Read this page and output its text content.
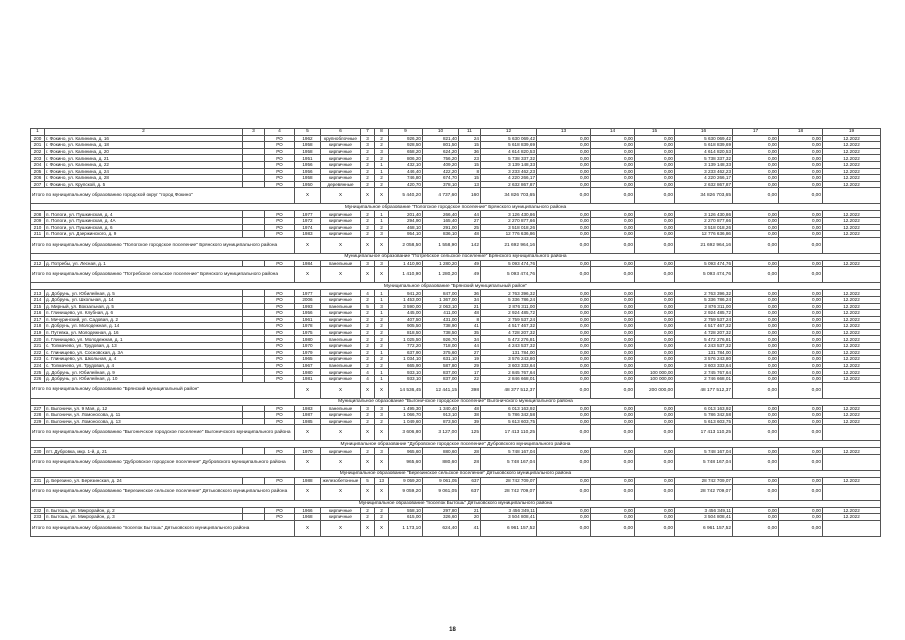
1	2	3	4	5	6	7	8	9	10	11	12	13	14	15	16	17	18	19
200	г. Фокино, ул. Калинина, д. 16		РО	1962	крупноблочные	3	2	926,20	821,40	24	5 630 069,42	0,00	0,00	0,00	5 630 069,42	0,00	0,00	12.2022
201	г. Фокино, ул. Калинина, д. 18		РО	1958	кирпичные	3	2	928,50	801,50	15	5 618 839,69	0,00	0,00	0,00	5 618 839,69	0,00	0,00	12.2022
202	г. Фокино, ул. Калинина, д. 20		РО	1958	кирпичные	2	3	658,20	624,20	36	4 614 820,53	0,00	0,00	0,00	4 614 820,53	0,00	0,00	12.2022
203	г. Фокино, ул. Калинина, д. 21		РО	1951	кирпичные	2	2	806,20	756,20	23	5 738 337,32	0,00	0,00	0,00	5 738 337,32	0,00	0,00	12.2022
204	г. Фокино, ул. Калинина, д. 22		РО	1956	кирпичные	2	1	432,10	409,20	15	3 139 148,33	0,00	0,00	0,00	3 139 148,33	0,00	0,00	12.2022
205	г. Фокино, ул. Калинина, д. 24		РО	1956	кирпичные	2	1	446,40	422,20	8	3 233 462,23	0,00	0,00	0,00	3 233 462,23	0,00	0,00	12.2022
206	г. Фокино, ул. Калинина, д. 28		РО	1958	кирпичные	2	2	746,80	674,70	15	4 220 266,17	0,00	0,00	0,00	4 220 266,17	0,00	0,00	12.2022
207	г. Фокино, ул. Крупской, д. 5		РО	1950	деревянные	2	2	420,70	378,10	13	2 632 867,87	0,00	0,00	0,00	2 632 867,87	0,00	0,00	12.2022
Итого по муниципальному образованию городской округ "город Фокино"				X	X	X	X	5 440,20	4 737,60	160	34 826 703,65	0,00	0,00	0,00	34 826 703,65	0,00	0,00	
Муниципальное образование "Пологское городское поселение" Брянского муниципального района																		
208	п. Пологи, ул. Пушкинская, д. 4		РО	1977	кирпичные	2	1	201,40	266,40	44	3 126 430,86	0,00	0,00	0,00	3 126 430,86	0,00	0,00	12.2022
209	п. Пологи, ул. Пушкинская, д. 4А		РО	1972	кирпичные	2	1	294,90	165,40	27	2 270 877,66	0,00	0,00	0,00	2 270 877,66	0,00	0,00	12.2022
210	п. Пологи, ул. Пушкинская, д. 6		РО	1974	кирпичные	2	2	468,10	291,00	25	3 518 018,26	0,00	0,00	0,00	3 518 018,26	0,00	0,00	12.2022
211	п. Пологи, ул. Дзержинского, д. 9		РО	1983	кирпичные	2	3	954,10	836,10	48	12 776 636,86	0,00	0,00	0,00	12 776 636,86	0,00	0,00	12.2022
Итого по муниципальному образованию "Пологское городское поселение" Брянского муниципального района				X	X	X	X	2 058,50	1 558,90	142	21 692 964,16	0,00	0,00	0,00	21 692 964,16	0,00	0,00	
Муниципальное образование "Потребское сельское поселение" Брянского муниципального района																		
212	д. Потребы, ул. Лесная, д. 1		РО	1984	панельные	3	3	1 410,90	1 280,20	49	5 093 474,76	0,00	0,00	0,00	5 093 474,76	0,00	0,00	12.2022
Итого по муниципальному образованию "Потребское сельское поселение" Брянского муниципального района				X	X	X	X	1 410,90	1 280,20	49	5 093 474,76	0,00	0,00	0,00	5 093 474,76	0,00	0,00	
Муниципальное образование "Брянский муниципальный район"																		
213	д. Добрунь, ул. Юбилейная, д. 5		РО	1977	кирпичные	4	1	941,20	847,00	36	2 763 396,32	0,00	0,00	0,00	2 763 396,32	0,00	0,00	12.2022
214	д. Добрунь, ул. Школьная, д. 14		РО	2006	кирпичные	2	1	1 453,00	1 367,00	34	5 336 786,24	0,00	0,00	0,00	5 336 786,24	0,00	0,00	12.2022
215	д. Мирный, ул. Вокзальная, д. 5		РО	1993	панельные	5	3	3 590,00	2 063,10	21	2 876 311,00	0,00	0,00	0,00	2 876 311,00	0,00	0,00	12.2022
216	п. Глинищево, ул. Клубная, д. 6		РО	1956	кирпичные	2	1	445,00	411,00	48	2 924 485,72	0,00	0,00	0,00	2 924 485,72	0,00	0,00	12.2022
217	п. Мичуринский, ул. Садовая, д. 2		РО	1961	кирпичные	2	2	407,50	431,00	8	2 759 537,24	0,00	0,00	0,00	2 759 537,24	0,00	0,00	12.2022
218	п. Добрунь, ул. Молодежная, д. 14		РО	1978	кирпичные	2	2	905,50	738,90	41	4 517 467,32	0,00	0,00	0,00	4 517 467,32	0,00	0,00	12.2022
219	п. Путевка, ул. Молодежная, д. 16		РО	1975	кирпичные	2	2	818,50	738,50	35	4 728 207,32	0,00	0,00	0,00	4 728 207,32	0,00	0,00	12.2022
220	п. Глинищево, ул. Молодежная, д. 1		РО	1980	панельные	2	2	1 025,50	926,70	34	5 472 276,81	0,00	0,00	0,00	5 472 276,81	0,00	0,00	12.2022
221	с. Толмачево, ул. Трудовая, д. 13		РО	1970	кирпичные	2	2	772,20	718,00	44	4 243 537,32	0,00	0,00	0,00	4 243 537,32	0,00	0,00	12.2022
222	с. Глинищево, ул. Сосновская, д. 3А		РО	1979	кирпичные	2	1	637,90	375,60	27	131 784,00	0,00	0,00	0,00	131 784,00	0,00	0,00	12.2022
223	с. Глинищево, ул. Школьная, д. 4		РО	1965	кирпичные	2	2	1 034,10	631,10	19	3 576 243,80	0,00	0,00	0,00	3 576 243,80	0,00	0,00	12.2022
224	с. Толмачево, ул. Трудовая, д. 4		РО	1967	панельные	2	2	665,90	587,80	29	3 603 333,64	0,00	0,00	0,00	3 603 333,64	0,00	0,00	12.2022
225	д. Добрунь, ул. Юбилейная, д. 9		РО	1980	кирпичные	4	1	933,10	837,00	17	2 845 767,64	0,00	0,00	100 000,00	2 745 767,64	0,00	0,00	12.2022
226	д. Добрунь, ул. Юбилейная, д. 10		РО	1981	кирпичные	4	1	933,10	837,00	22	2 846 668,01	0,00	0,00	100 000,00	2 746 668,01	0,00	0,00	12.2022
Итого по муниципальному образованию "Брянский муниципальный район"				X	X	X	X	14 536,45	12 441,15	398	48 377 512,37	0,00	0,00	200 000,00	48 177 512,37	0,00	0,00	
Муниципальное образование "Выгоничское городское поселение" Выгоничского муниципального района																		
227	п. Выгоничи, ул. 9 Мая, д. 12		РО	1983	панельные	3	3	1 495,30	1 340,40	48	6 013 163,92	0,00	0,00	0,00	6 013 163,92	0,00	0,00	12.2022
228	п. Выгоничи, ул. Ломоносова, д. 11		РО	1987	кирпичные	2	3	1 066,70	913,10	38	5 786 342,58	0,00	0,00	0,00	5 786 342,58	0,00	0,00	12.2022
229	п. Выгоничи, ул. Ломоносова, д. 13		РО	1985	кирпичные	2	2	1 049,60	873,50	39	5 613 603,75	0,00	0,00	0,00	5 613 603,75	0,00	0,00	12.2022
Итого по муниципальному образованию "Выгоничское городское поселение" Выгоничского муниципального района				X	X	X	X	3 606,80	3 127,00	125	17 413 110,25	0,00	0,00	0,00	17 413 110,25	0,00	0,00	
Муниципальное образование "Дубровское городское поселение" Дубровского муниципального района																		
230	пгт. Дубровка, мкр. 1-й, д. 21		РО	1970	кирпичные	2	3	965,60	880,60	28	5 748 167,04	0,00	0,00	0,00	5 748 167,04	0,00	0,00	12.2022
Итого по муниципальному образованию "Дубровское городское поселение" Дубровского муниципального района				X	X	X	X	965,60	880,60	28	5 748 167,04	0,00	0,00	0,00	5 748 167,04	0,00	0,00	
Муниципальное образование "Березинское сельское поселение" Дятьковского муниципального района																		
231	д. Березино, ул. Березинская, д. 24		РО	1988	железобетонные	5	13	9 059,20	9 061,05	637	28 742 709,07	0,00	0,00	0,00	28 742 709,07	0,00	0,00	12.2022
Итого по муниципальному образованию "Березинское сельское поселение" Дятьковского муниципального района				X	X	X	X	9 059,20	9 061,05	637	28 742 709,07	0,00	0,00	0,00	28 742 709,07	0,00	0,00	
Муниципальное образование "поселок Бытошь" Дятьковского муниципального района																		
232	п. Бытошь, ул. Микрорайон, д. 2		РО	1966	кирпичные	2	2	558,10	297,80	21	3 456 349,11	0,00	0,00	0,00	3 456 349,11	0,00	0,00	12.2022
233	п. Бытошь, ул. Микрорайон, д. 3		РО	1968	кирпичные	2	2	615,00	326,60	20	3 504 808,41	0,00	0,00	0,00	3 504 808,41	0,00	0,00	12.2022
Итого по муниципальному образованию "поселок Бытошь" Дятьковского муниципального района				X	X	X	X	1 173,10	624,40	41	6 961 157,52	0,00	0,00	0,00	6 961 157,52	0,00	0,00	
18
